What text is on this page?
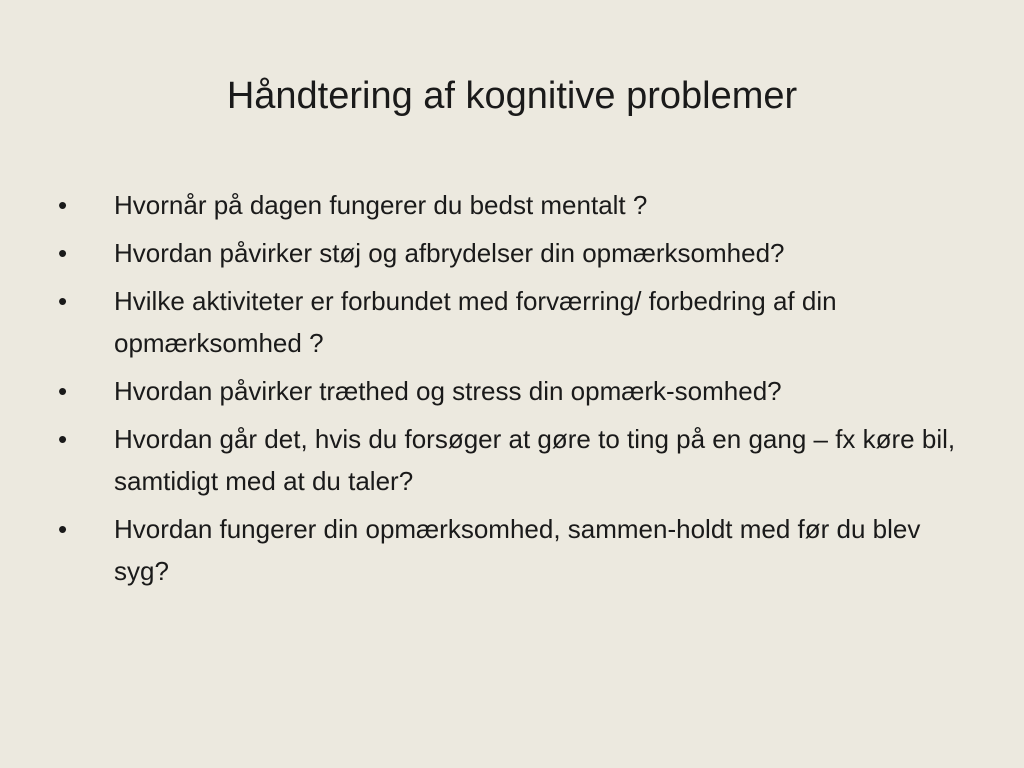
Håndtering af kognitive problemer
•	Hvornår på dagen fungerer du bedst mentalt ?
•	Hvordan påvirker støj og afbrydelser din opmærksomhed?
•	Hvilke aktiviteter er forbundet med forværring/ forbedring af din opmærksomhed ?
•	Hvordan påvirker træthed og stress din opmærk-somhed?
•	Hvordan går det, hvis du forsøger at gøre to ting på en gang – fx køre bil, samtidigt med at du taler?
•	Hvordan fungerer din opmærksomhed, sammen-holdt med før du blev syg?
